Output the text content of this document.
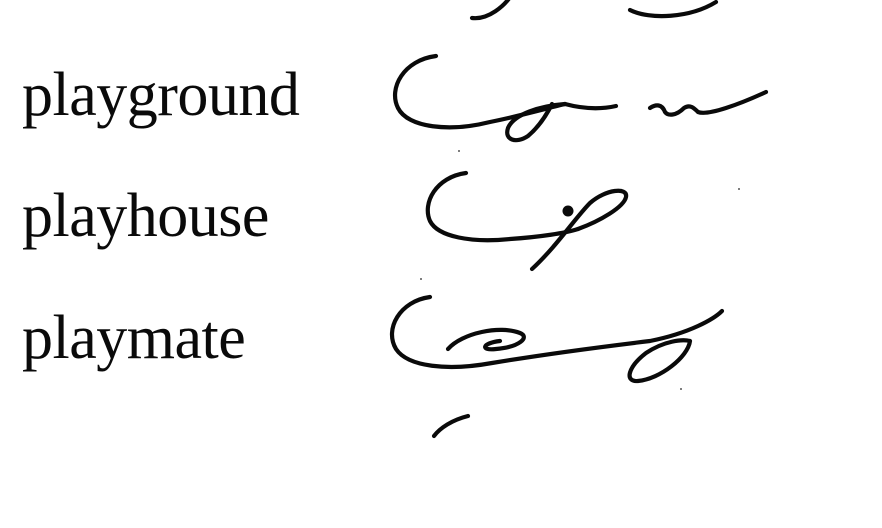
playground
playhouse
playmate
